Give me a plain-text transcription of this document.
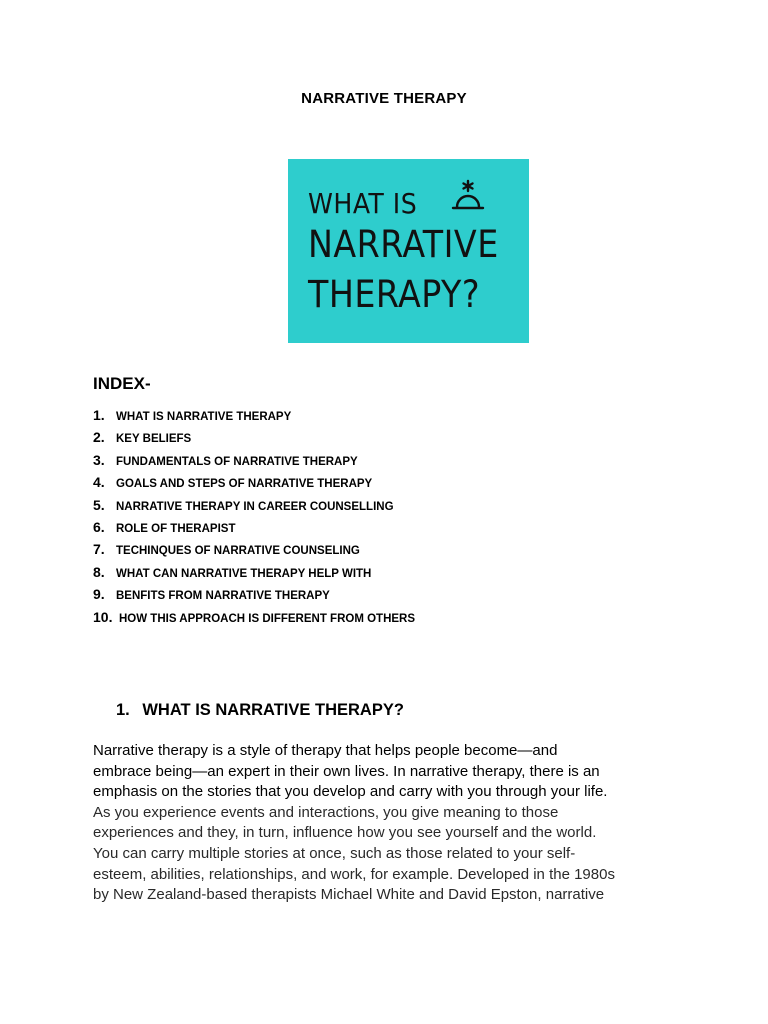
NARRATIVE THERAPY
WHAT IS
NARRATIVE
THERAPY?
INDEX-
1. WHAT IS NARRATIVE THERAPY
2. KEY BELIEFS
3. FUNDAMENTALS OF NARRATIVE THERAPY
4. GOALS AND STEPS OF NARRATIVE THERAPY
5. NARRATIVE THERAPY IN CAREER COUNSELLING
6. ROLE OF THERAPIST
7. TECHINQUES OF NARRATIVE COUNSELING
8. WHAT CAN NARRATIVE THERAPY HELP WITH
9. BENFITS FROM NARRATIVE THERAPY
10. HOW THIS APPROACH IS DIFFERENT FROM OTHERS
1. WHAT IS NARRATIVE THERAPY?
Narrative therapy is a style of therapy that helps people become—and
embrace being—an expert in their own lives. In narrative therapy, there is an
emphasis on the stories that you develop and carry with you through your life.
As you experience events and interactions, you give meaning to those
experiences and they, in turn, influence how you see yourself and the world.
You can carry multiple stories at once, such as those related to your self-
esteem, abilities, relationships, and work, for example. Developed in the 1980s
by New Zealand-based therapists Michael White and David Epston, narrative
